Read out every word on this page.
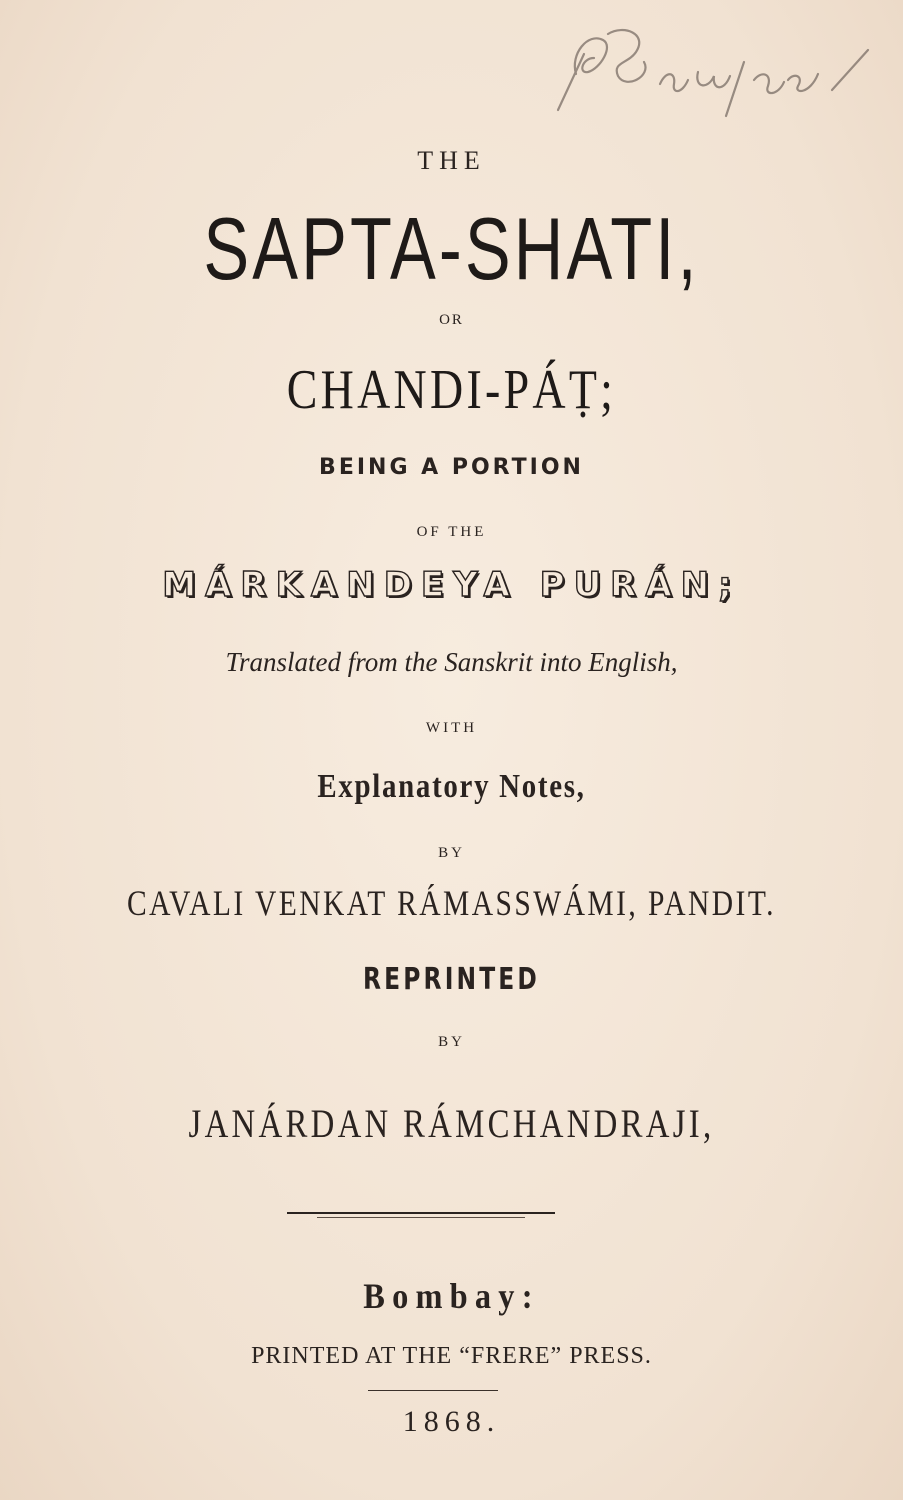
THE
SAPTA-SHATI,
OR
CHANDI-PÁṬ;
BEING A PORTION
OF THE
MÁRKANDEYA PURÁN;
Translated from the Sanskrit into English,
WITH
Explanatory Notes,
BY
CAVALI VENKAT RÁMASSWÁMI, PANDIT.
REPRINTED
BY
JANÁRDAN RÁMCHANDRAJI,
Bombay:
PRINTED AT THE “FRERE” PRESS.
1868.
